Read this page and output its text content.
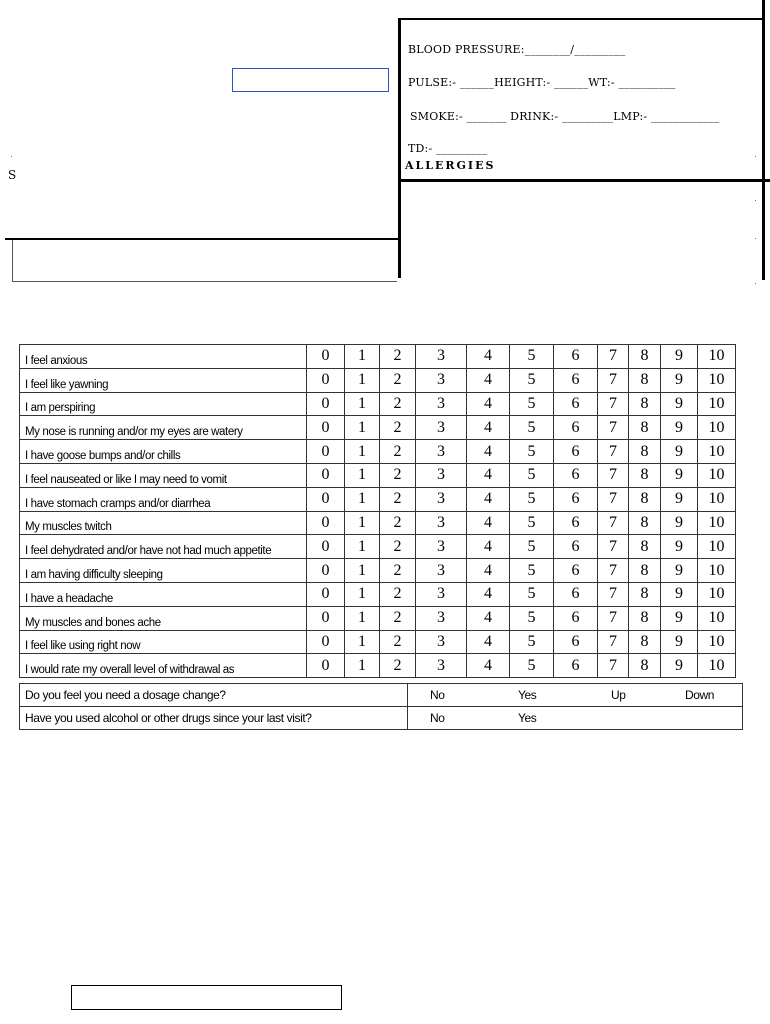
S
BLOOD PRESSURE:________/_________
PULSE:- ______HEIGHT:- ______WT:- __________
SMOKE:- _______ DRINK:- _________LMP:- ____________
TD:- _________
ALLERGIES
I feel anxious	0	1	2	3	4	5	6	7	8	9	10
I feel like yawning	0	1	2	3	4	5	6	7	8	9	10
I am perspiring	0	1	2	3	4	5	6	7	8	9	10
My nose is running and/or my eyes are watery	0	1	2	3	4	5	6	7	8	9	10
I have goose bumps and/or chills	0	1	2	3	4	5	6	7	8	9	10
I feel nauseated or like I may need to vomit	0	1	2	3	4	5	6	7	8	9	10
I have stomach cramps and/or diarrhea	0	1	2	3	4	5	6	7	8	9	10
My muscles twitch	0	1	2	3	4	5	6	7	8	9	10
I feel dehydrated and/or have not had much appetite	0	1	2	3	4	5	6	7	8	9	10
I am having difficulty sleeping	0	1	2	3	4	5	6	7	8	9	10
I have a headache	0	1	2	3	4	5	6	7	8	9	10
My muscles and bones ache	0	1	2	3	4	5	6	7	8	9	10
I feel like using right now	0	1	2	3	4	5	6	7	8	9	10
I would rate my overall level of withdrawal as	0	1	2	3	4	5	6	7	8	9	10
Do you feel you need a dosage change?	No Yes Up Down

Have you used alcohol or other drugs since your last visit?	No Yes
